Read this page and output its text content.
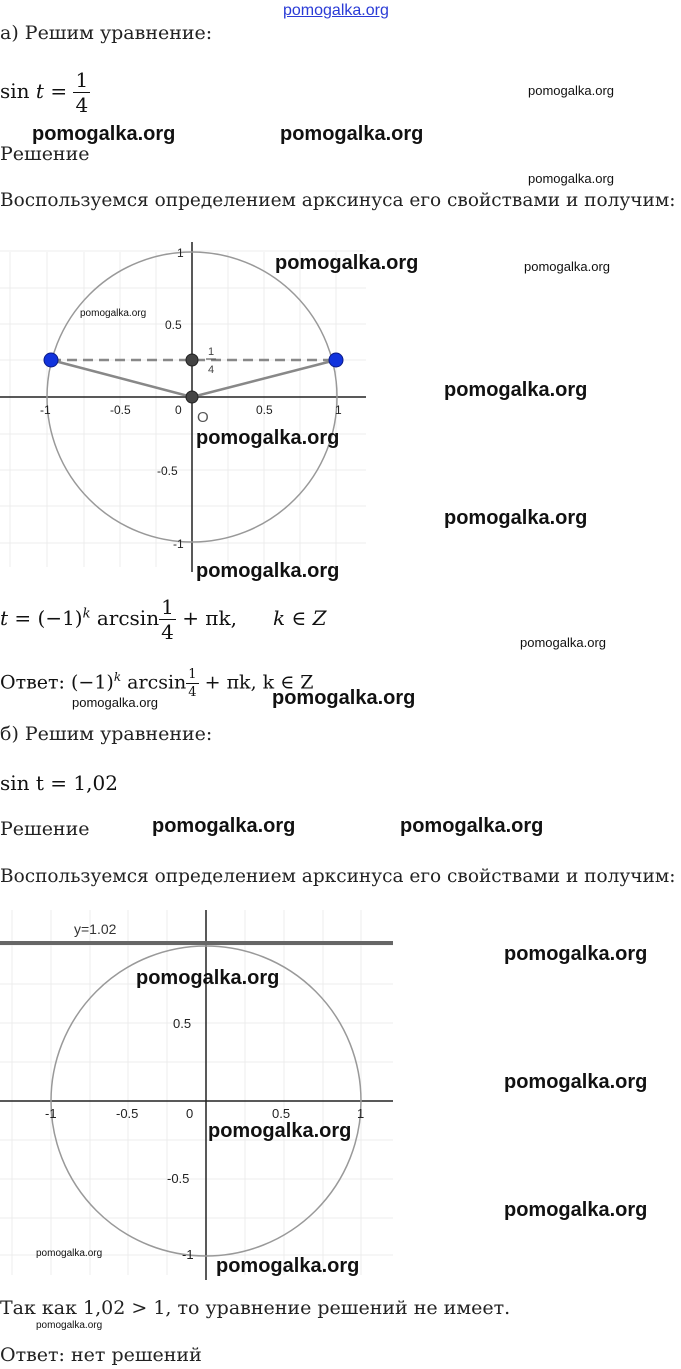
pomogalka.org
а) Решим уравнение:
$\sin t = \frac{1}{4}$	pomogalka.org
pomogalka.org	pomogalka.org
Решение
pomogalka.org
Воспользуемся определением арксинуса его свойствами и получим:
-1	-0.5	0	0.5	1
1
0.5
-0.5
-1
O
1
4
pomogalka.org
pomogalka.org	pomogalka.org
pomogalka.org
pomogalka.org
pomogalka.org
pomogalka.org
$t = (-1)^k$ $\arcsin \frac{1}{4} + \pi k$, k ∈ Z
pomogalka.org
Ответ: $(-1)^k$ $\arcsin \frac{1}{4} + \pi k$, k ∈ Z
pomogalka.org	pomogalka.org
б) Решим уравнение:
sin t = 1,02
Решение	pomogalka.org	pomogalka.org
Воспользуемся определением арксинуса его свойствами и получим:
y=1.02
-1	-0.5	0	0.5	1
0.5
-0.5
-1
pomogalka.org
pomogalka.org
pomogalka.org
pomogalka.org
pomogalka.org
pomogalka.org
pomogalka.org
Так как 1,02 > 1, то уравнение решений не имеет.
pomogalka.org
Ответ: нет решений
